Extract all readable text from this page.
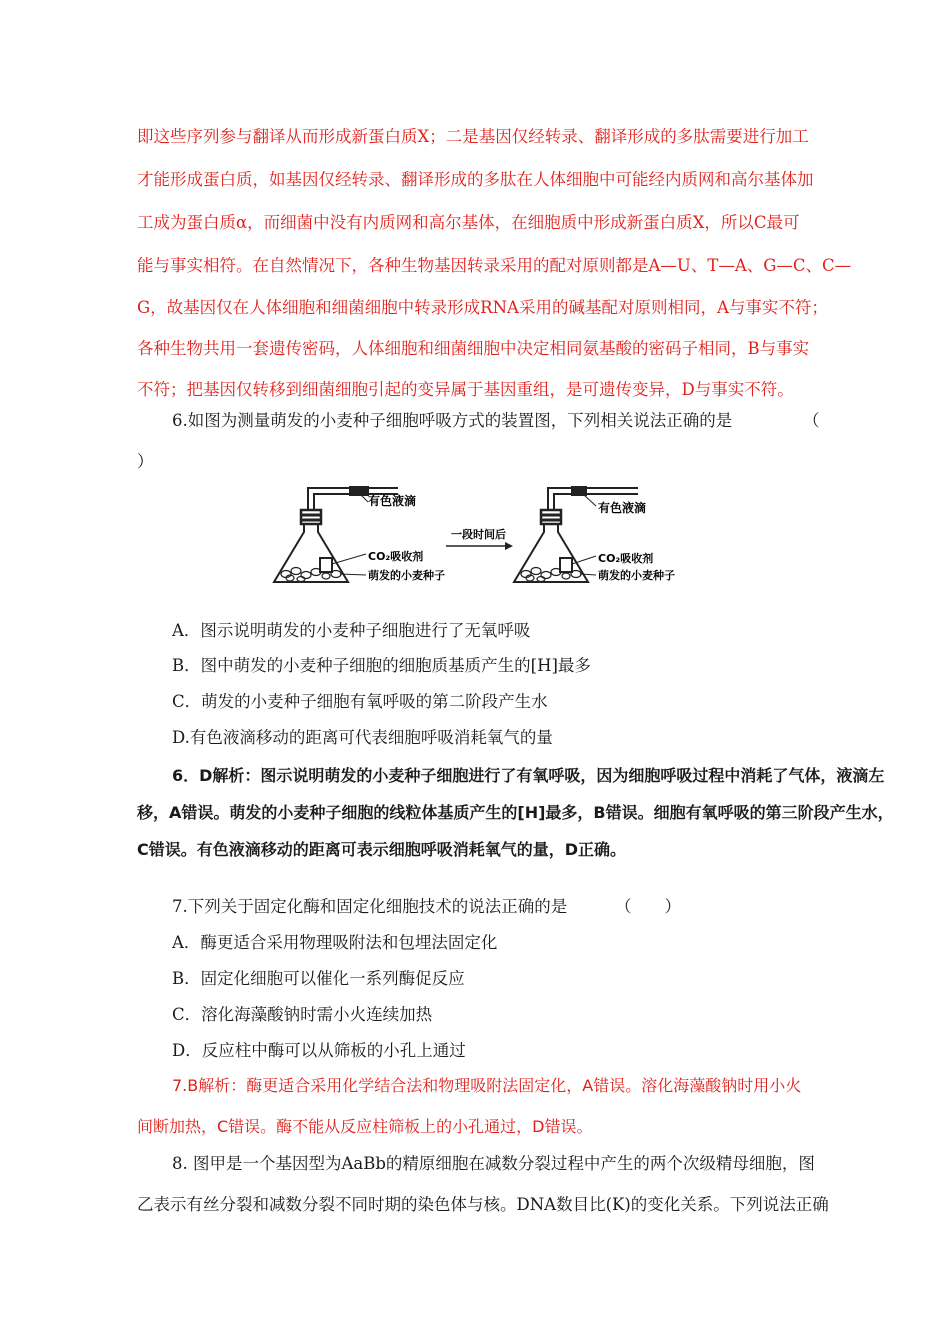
即这些序列参与翻译从而形成新蛋白质X；二是基因仅经转录、翻译形成的多肽需要进行加工
才能形成蛋白质，如基因仅经转录、翻译形成的多肽在人体细胞中可能经内质网和高尔基体加
工成为蛋白质α，而细菌中没有内质网和高尔基体，在细胞质中形成新蛋白质X，所以C最可
能与事实相符。在自然情况下，各种生物基因转录采用的配对原则都是A—U、T—A、G—C、C—
G，故基因仅在人体细胞和细菌细胞中转录形成RNA采用的碱基配对原则相同，A与事实不符；
各种生物共用一套遗传密码，人体细胞和细菌细胞中决定相同氨基酸的密码子相同，B与事实
不符；把基因仅转移到细菌细胞引起的变异属于基因重组，是可遗传变异，D与事实不符。
6.如图为测量萌发的小麦种子细胞呼吸方式的装置图，下列相关说法正确的是	（
）
有色液滴
CO₂吸收剂
萌发的小麦种子
一段时间后
有色液滴
CO₂吸收剂
萌发的小麦种子
A．图示说明萌发的小麦种子细胞进行了无氧呼吸
B．图中萌发的小麦种子细胞的细胞质基质产生的[H]最多
C．萌发的小麦种子细胞有氧呼吸的第二阶段产生水
D.有色液滴移动的距离可代表细胞呼吸消耗氧气的量
6．D解析：图示说明萌发的小麦种子细胞进行了有氧呼吸，因为细胞呼吸过程中消耗了气体，液滴左
移，A错误。萌发的小麦种子细胞的线粒体基质产生的[H]最多，B错误。细胞有氧呼吸的第三阶段产生水，
C错误。有色液滴移动的距离可表示细胞呼吸消耗氧气的量，D正确。
7.下列关于固定化酶和固定化细胞技术的说法正确的是	（　　）
A．酶更适合采用物理吸附法和包埋法固定化
B．固定化细胞可以催化一系列酶促反应
C．溶化海藻酸钠时需小火连续加热
D．反应柱中酶可以从筛板的小孔上通过
7.B解析：酶更适合采用化学结合法和物理吸附法固定化，A错误。溶化海藻酸钠时用小火
间断加热，C错误。酶不能从反应柱筛板上的小孔通过，D错误。
8. 图甲是一个基因型为AaBb的精原细胞在减数分裂过程中产生的两个次级精母细胞，图
乙表示有丝分裂和减数分裂不同时期的染色体与核。DNA数目比(K)的变化关系。下列说法正确
